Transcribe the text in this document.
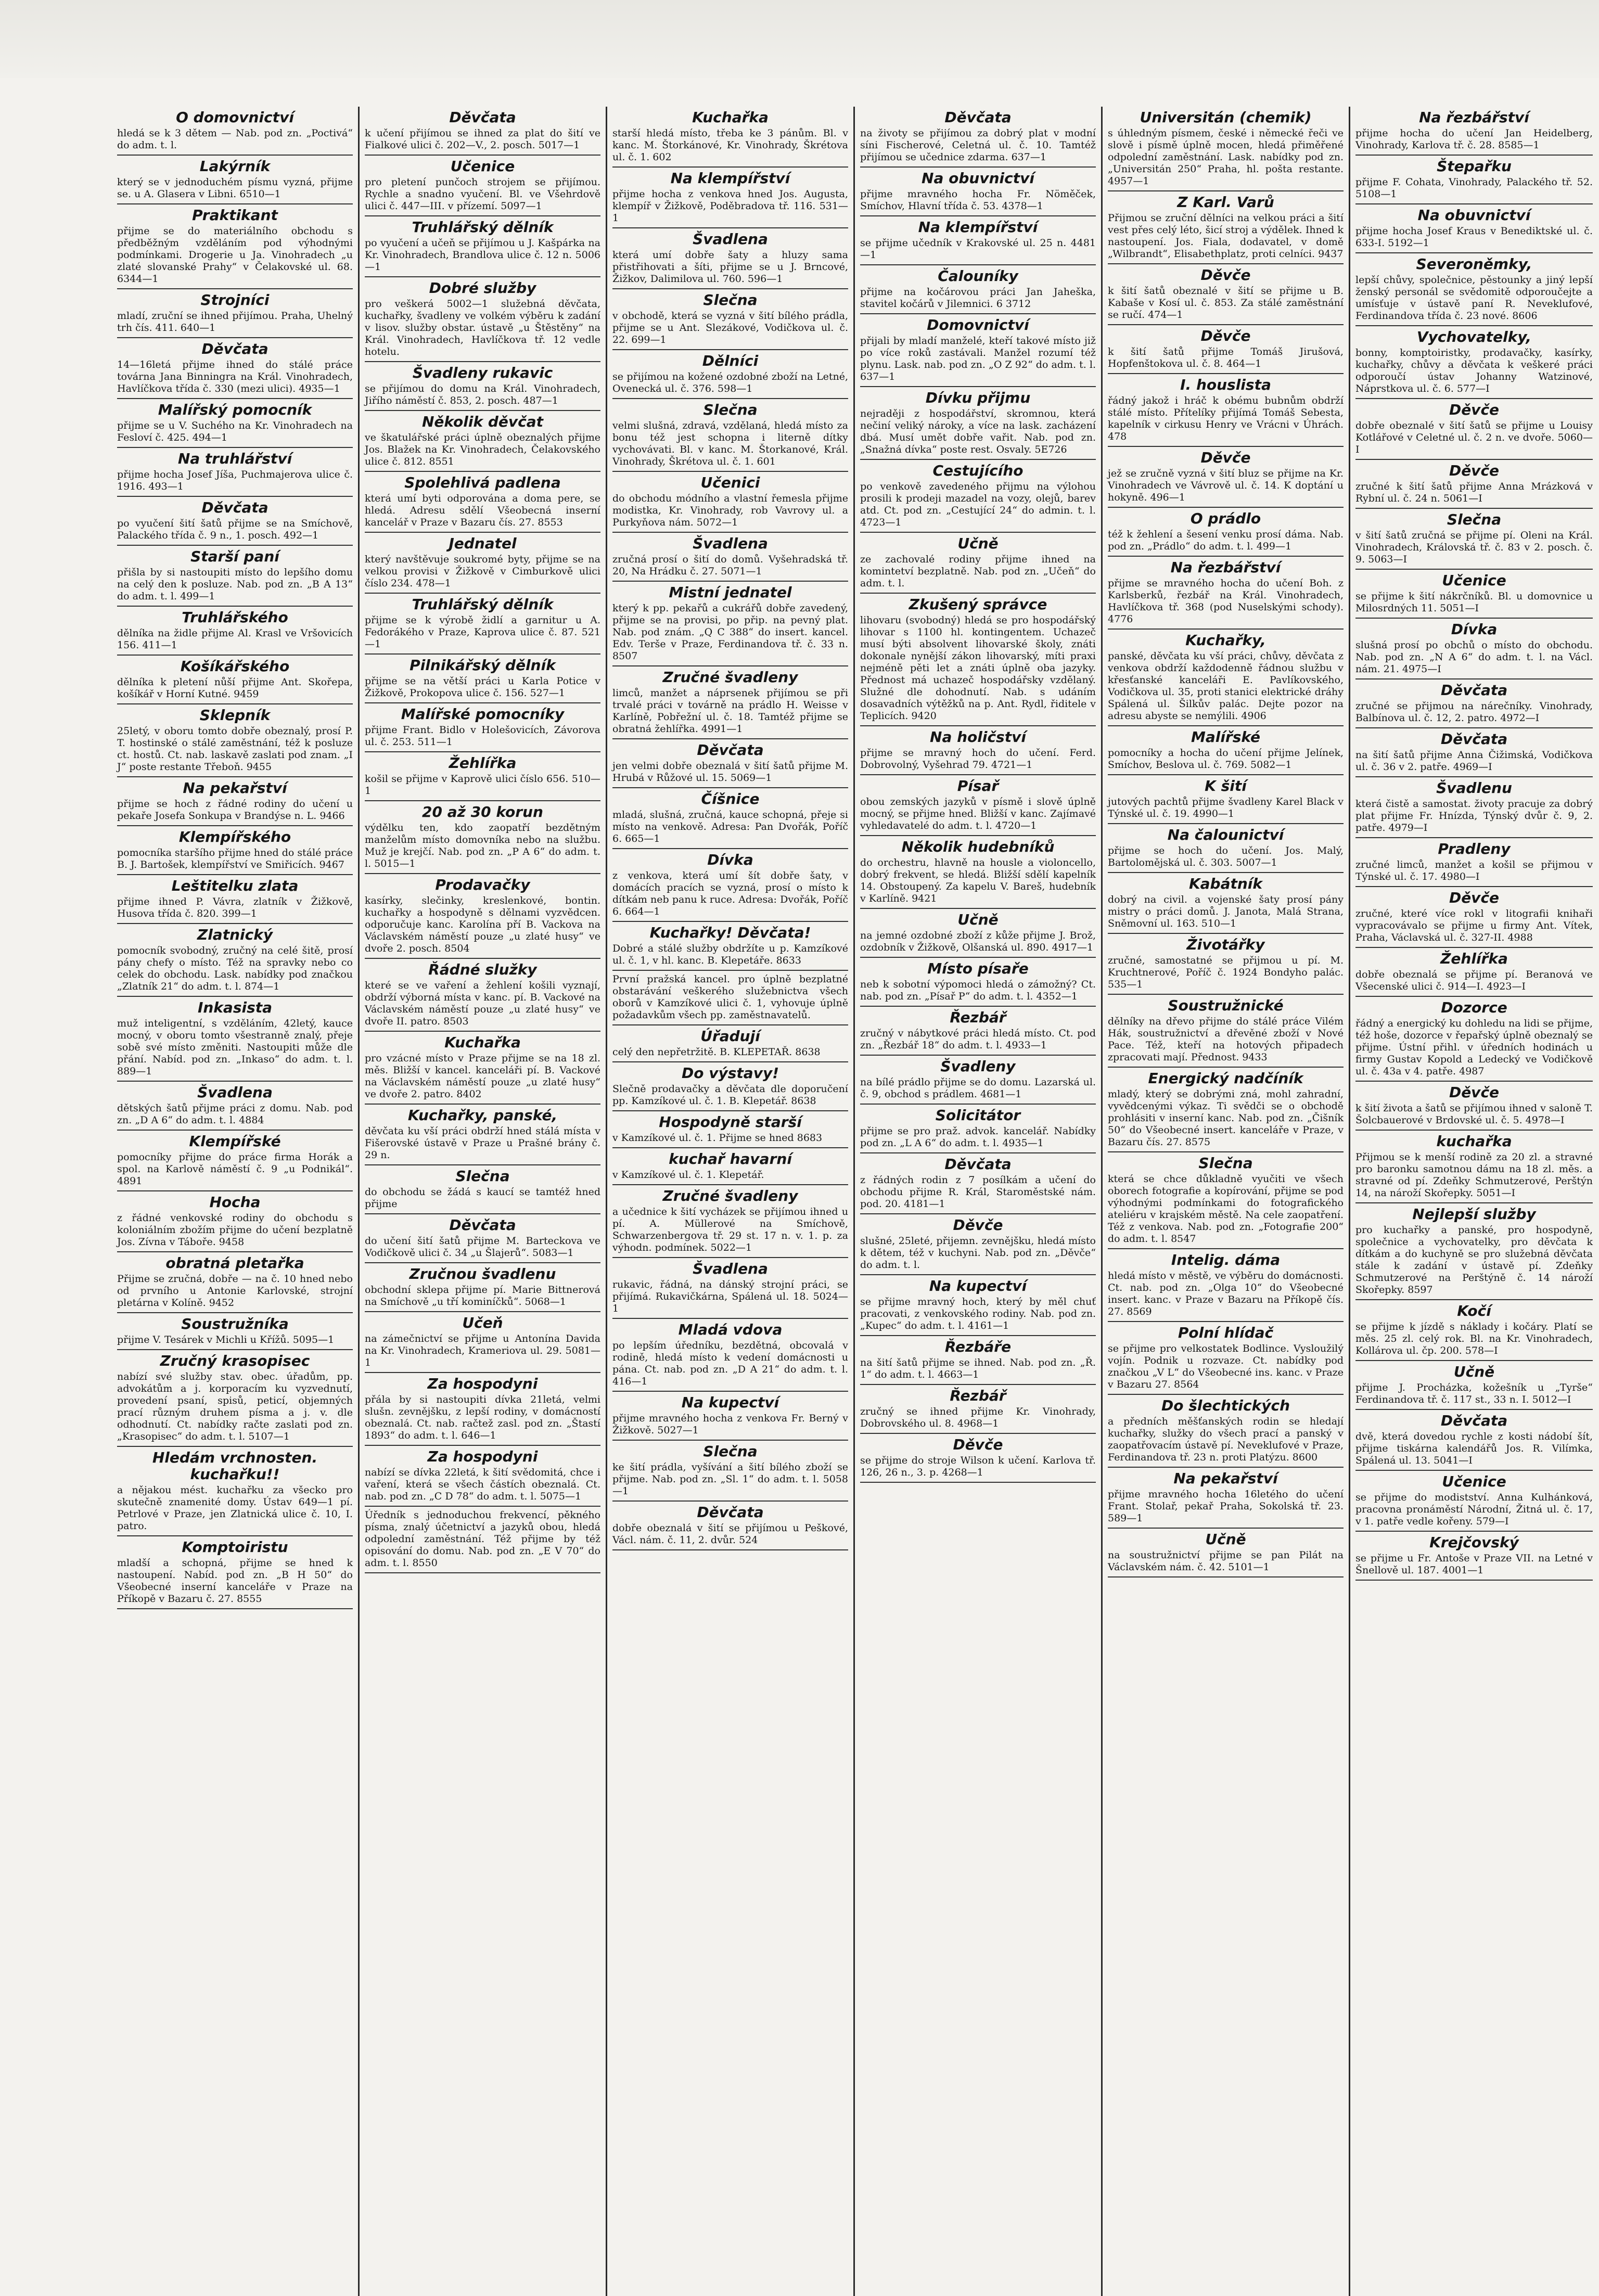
O domovnictví

hledá se k 3 dětem — Nab. pod zn. „Poctivá“ do adm. t. l.

Lakýrník

který se v jednoduchém písmu vyzná, přijme se. u A. Glasera v Libni. 6510—1

Praktikant

přijme se do materiálního obchodu s předběžným vzděláním pod výhodnými podmínkami. Drogerie u Ja. Vinohradech „u zlaté slovanské Prahy“ v Čelakovské ul. 68. 6344—1

Strojníci

mladí, zruční se ihned přijímou. Praha, Uhelný trh čís. 411. 640—1

Děvčata

14—16letá přijme ihned do stálé práce továrna Jana Binningra na Král. Vinohradech, Havlíčkova třída č. 330 (mezi ulici). 4935—1

Malířský pomocník

přijme se u V. Suchého na Kr. Vinohradech na Fesloví č. 425. 494—1

Na truhlářství

přijme hocha Josef Jíša, Puchmajerova ulice č. 1916. 493—1

Děvčata

po vyučení šití šatů přijme se na Smíchově, Palackého třída č. 9 n., 1. posch. 492—1

Starší paní

přišla by si nastoupiti místo do lepšího domu na celý den k posluze. Nab. pod zn. „B A 13“ do adm. t. l. 499—1

Truhlářského

dělníka na židle přijme Al. Krasl ve Vršovicích 156. 411—1

Košíkářského

dělníka k pletení nůší přijme Ant. Skořepa, košíkář v Horní Kutné. 9459

Sklepník

25letý, v oboru tomto dobře obeznalý, prosí P. T. hostinské o stálé zaměstnání, též k posluze ct. hostů. Ct. nab. laskavě zaslati pod znam. „I J“ poste restante Třeboň. 9455

Na pekařství

přijme se hoch z řádné rodiny do učení u pekaře Josefa Sonkupa v Brandýse n. L. 9466

Klempířského

pomocníka staršího přijme hned do stálé práce B. J. Bartošek, klempířství ve Smiřicích. 9467

Leštitelku zlata

přijme ihned P. Vávra, zlatník v Žižkově, Husova třída č. 820. 399—1

Zlatnický

pomocník svobodný, zručný na celé šitě, prosí pány chefy o místo. Též na spravky nebo co celek do obchodu. Lask. nabídky pod značkou „Zlatník 21“ do adm. t. l. 874—1

Inkasista

muž inteligentní, s vzděláním, 42letý, kauce mocný, v oboru tomto všestranně znalý, přeje sobě své místo změniti. Nastoupiti může dle přání. Nabíd. pod zn. „Inkaso“ do adm. t. l. 889—1

Švadlena

dětských šatů přijme práci z domu. Nab. pod zn. „D A 6“ do adm. t. l. 4884

Klempířské

pomocníky přijme do práce firma Horák a spol. na Karlově náměstí č. 9 „u Podnikál“. 4891

Hocha

z řádné venkovské rodiny do obchodu s koloniálním zbožím přijme do učení bezplatně Jos. Zívna v Táboře. 9458

obratná pletařka

Přijme se zručná, dobře — na č. 10 hned nebo od prvního u Antonie Karlovské, strojní pletárna v Kolíně. 9452

Soustružníka

přijme V. Tesárek v Michli u Křížů. 5095—1

Zručný krasopisec

nabízí své služby stav. obec. úřadům, pp. advokátům a j. korporacím ku vyzvednutí, provedení psaní, spisů, peticí, objemných prací různým druhem písma a j. v. dle odhodnutí. Ct. nabídky račte zaslati pod zn. „Krasopisec“ do adm. t. l. 5107—1

Hledám vrchnosten. kuchařku!!

a nějakou mést. kuchařku za všecko pro skutečně znamenité domy. Ústav 649—1 pí. Petrlové v Praze, jen Zlatnická ulice č. 10, I. patro.

Komptoiristu

mladší a schopná, přijme se hned k nastoupení. Nabíd. pod zn. „B H 50“ do Všeobecné inserní kanceláře v Praze na Příkopě v Bazaru č. 27. 8555

Děvčata

k učení přijímou se ihned za plat do šití ve Fialkové ulici č. 202—V., 2. posch. 5017—1

Učenice

pro pletení punčoch strojem se přijímou. Rychle a snadno vyučení. Bl. ve Všehrdově ulici č. 447—III. v přízemí. 5097—1

Truhlářský dělník

po vyučení a učeň se přijímou u J. Kašpárka na Kr. Vinohradech, Brandlova ulice č. 12 n. 5006—1

Dobré služby

pro veškerá 5002—1 služebná děvčata, kuchařky, švadleny ve volkém výběru k zadání v lisov. služby obstar. ústavě „u Štěstěny“ na Král. Vinohradech, Havlíčkova tř. 12 vedle hotelu.

Švadleny rukavic

se přijímou do domu na Král. Vinohradech, Jiřího náměstí č. 853, 2. posch. 487—1

Několik děvčat

ve škatulářské práci úplně obeznalých přijme Jos. Blažek na Kr. Vinohradech, Čelakovského ulice č. 812. 8551

Spolehlivá padlena

která umí byti odporována a doma pere, se hledá. Adresu sdělí Všeobecná inserní kancelář v Praze v Bazaru čís. 27. 8553

Jednatel

který navštěvuje soukromé byty, přijme se na velkou provisi v Žižkově v Cimburkově ulici číslo 234. 478—1

Truhlářský dělník

přijme se k výrobě židlí a garnitur u A. Fedorákého v Praze, Kaprova ulice č. 87. 521—1

Pilnikářský dělník

přijme se na větší práci u Karla Potice v Žižkově, Prokopova ulice č. 156. 527—1

Malířské pomocníky

přijme Frant. Bidlo v Holešovicích, Závorova ul. č. 253. 511—1

Žehlířka

košil se přijme v Kaprově ulici číslo 656. 510—1

20 až 30 korun

výdělku ten, kdo zaopatří bezdětným manželům místo domovníka nebo na službu. Muž je krejčí. Nab. pod zn. „P A 6“ do adm. t. l. 5015—1

Prodavačky

kasírky, slečinky, kreslenkové, bontin. kuchařky a hospodyně s dělnami vyzvědcen. odporučuje kanc. Karolína pří B. Vackova na Václavském náměstí pouze „u zlaté husy“ ve dvoře 2. posch. 8504

Řádné služky

které se ve vaření a žehlení košili vyznají, obdrží výborná místa v kanc. pí. B. Vackové na Václavském náměstí pouze „u zlaté husy“ ve dvoře II. patro. 8503

Kuchařka

pro vzácné místo v Praze přijme se na 18 zl. měs. Bližší v kancel. kanceláři pí. B. Vackové na Václavském náměstí pouze „u zlaté husy“ ve dvoře 2. patro. 8402

Kuchařky, panské,

děvčata ku vší práci obdrží hned stálá místa v Fišerovské ústavě v Praze u Prašné brány č. 29 n.

Slečna

do obchodu se žádá s kaucí se tamtéž hned přijme

Děvčata

do učení šití šatů přijme M. Barteckova ve Vodičkově ulici č. 34 „u Šlajerů“. 5083—1

Zručnou švadlenu

obchodní sklepa přijme pí. Marie Bittnerová na Smíchově „u tří kominíčků“. 5068—1

Učeň

na zámečnictví se přijme u Antonína Davida na Kr. Vinohradech, Krameriova ul. 29. 5081—1

Za hospodyni

přála by si nastoupiti dívka 21letá, velmi slušn. zevnějšku, z lepší rodiny, v domácností obeznalá. Ct. nab. račtež zasl. pod zn. „Štastí 1893“ do adm. t. l. 646—1

Za hospodyni

nabízí se dívka 22letá, k šití svědomitá, chce i vaření, která se všech částích obeznalá. Ct. nab. pod zn. „C D 78“ do adm. t. l. 5075—1

Úředník s jednoduchou frekvencí, pěkného písma, znalý účetnictví a jazyků obou, hledá odpolední zaměstnání. Též přijme by též opisování do domu. Nab. pod zn. „E V 70“ do adm. t. l. 8550

Kuchařka

starší hledá místo, třeba ke 3 pánům. Bl. v kanc. M. Štorkánové, Kr. Vinohrady, Škrétova ul. č. 1. 602

Na klempířství

přijme hocha z venkova hned Jos. Augusta, klempíř v Žižkově, Poděbradova tř. 116. 531—1

Švadlena

která umí dobře šaty a hluzy sama přistřihovati a šíti, přijme se u J. Brncové, Žižkov, Dalimilova ul. 760. 596—1

Slečna

v obchodě, která se vyzná v šití bílého prádla, přijme se u Ant. Slezákové, Vodičkova ul. č. 22. 699—1

Dělníci

se přijímou na kožené ozdobné zboží na Letné, Ovenecká ul. č. 376. 598—1

Slečna

velmi slušná, zdravá, vzdělaná, hledá místo za bonu též jest schopna i literně dítky vychovávati. Bl. v kanc. M. Štorkanové, Král. Vinohrady, Škrétova ul. č. 1. 601

Učenici

do obchodu módního a vlastní řemesla přijme modistka, Kr. Vinohrady, rob Vavrovy ul. a Purkyňova nám. 5072—1

Švadlena

zručná prosí o šití do domů. Vyšehradská tř. 20, Na Hrádku č. 27. 5071—1

Mistní jednatel

který k pp. pekařů a cukrářů dobře zavedený, přijme se na provisi, po přip. na pevný plat. Nab. pod znám. „Q C 388“ do insert. kancel. Edv. Terše v Praze, Ferdinandova tř. č. 33 n. 8507

Zručné švadleny

limců, manžet a náprsenek přijímou se při trvalé práci v továrně na prádlo H. Weisse v Karlíně, Pobřežní ul. č. 18. Tamtéž přijme se obratná žehlířka. 4991—1

Děvčata

jen velmi dobře obeznalá v šití šatů přijme M. Hrubá v Růžové ul. 15. 5069—1

Číšnice

mladá, slušná, zručná, kauce schopná, přeje si místo na venkově. Adresa: Pan Dvořák, Poříč 6. 665—1

Dívka

z venkova, která umí šít dobře šaty, v domácích pracích se vyzná, prosí o místo k dítkám neb panu k ruce. Adresa: Dvořák, Poříč 6. 664—1

Kuchařky! Děvčata!

Dobré a stálé služby obdržíte u p. Kamzíkové ul. č. 1, v hl. kanc. B. Klepetáře. 8633

První pražská kancel. pro úplně bezplatné obstarávání veškerého služebnictva všech oborů v Kamzíkové ulici č. 1, vyhovuje úplně požadavkům všech pp. zaměstnavatelů.

Úřadují

celý den nepřetržitě. B. KLEPETAŘ. 8638

Do výstavy!

Slečně prodavačky a děvčata dle doporučení pp. Kamzíkové ul. č. 1. B. Klepetář. 8638

Hospodyně starší

v Kamzíkové ul. č. 1. Přijme se hned 8683

kuchař havarní

v Kamzíkové ul. č. 1. Klepetář.

Zručné švadleny

a učednice k šití vycházek se přijímou ihned u pí. A. Müllerové na Smíchově, Schwarzenbergova tř. 29 st. 17 n. v. 1. p. za výhodn. podmínek. 5022—1

Švadlena

rukavic, řádná, na dánský strojní práci, se přijímá. Rukavičkárna, Spálená ul. 18. 5024—1

Mladá vdova

po lepším úředníku, bezdětná, obcovalá v rodině, hledá místo k vedení domácnosti u pána. Ct. nab. pod zn. „D A 21“ do adm. t. l. 416—1

Na kupectví

přijme mravného hocha z venkova Fr. Berný v Žižkově. 5027—1

Slečna

ke šití prádla, vyšívání a šití bílého zboží se přijme. Nab. pod zn. „Sl. 1“ do adm. t. l. 5058—1

Děvčata

dobře obeznalá v šití se přijímou u Peškové, Václ. nám. č. 11, 2. dvůr. 524

Děvčata

na životy se přijímou za dobrý plat v modní síni Fischerové, Celetná ul. č. 10. Tamtéž přijímou se učednice zdarma. 637—1

Na obuvnictví

přijme mravného hocha Fr. Nöměček, Smíchov, Hlavní třída č. 53. 4378—1

Na klempířství

se přijme učedník v Krakovské ul. 25 n. 4481—1

Čalouníky

přijme na kočárovou práci Jan Jaheška, stavitel kočárů v Jilemnici. 6 3712

Domovnictví

přijali by mladí manželé, kteří takové místo již po více roků zastávali. Manžel rozumí též plynu. Lask. nab. pod zn. „O Z 92“ do adm. t. l. 637—1

Dívku přijmu

nejraději z hospodářství, skromnou, která nečiní veliký nároky, a více na lask. zacházení dbá. Musí umět dobře vařit. Nab. pod zn. „Snažná dívka“ poste rest. Osvaly. 5E726

Cestujícího

po venkově zavedeného přijmu na výlohou prosili k prodeji mazadel na vozy, olejů, barev atd. Ct. pod zn. „Cestující 24“ do admin. t. l. 4723—1

Učně

ze zachovalé rodiny přijme ihned na komintetví bezplatně. Nab. pod zn. „Učeň“ do adm. t. l.

Zkušený správce

lihovaru (svobodný) hledá se pro hospodářský lihovar s 1100 hl. kontingentem. Uchazeč musí býti absolvent lihovarské školy, znáti dokonale nynější zákon lihovarský, míti praxi nejméně pěti let a znáti úplně oba jazyky. Přednost má uchazeč hospodářsky vzdělaný. Služné dle dohodnutí. Nab. s udáním dosavadních výtěžků na p. Ant. Rydl, řiditele v Teplicích. 9420

Na holičství

přijme se mravný hoch do učení. Ferd. Dobrovolný, Vyšehrad 79. 4721—1

Písař

obou zemských jazyků v písmě i slově úplně mocný, se přijme hned. Bližší v kanc. Zajímavé vyhledavatelé do adm. t. l. 4720—1

Několik hudebníků

do orchestru, hlavně na housle a violoncello, dobrý frekvent, se hledá. Bližší sdělí kapelník 14. Obstoupený. Za kapelu V. Bareš, hudebník v Karlíně. 9421

Učně

na jemné ozdobné zboží z kůže přijme J. Brož, ozdobník v Žižkově, Olšanská ul. 890. 4917—1

Místo písaře

neb k sobotní výpomoci hledá o zámožný? Ct. nab. pod zn. „Písař P“ do adm. t. l. 4352—1

Řezbář

zručný v nábytkové práci hledá místo. Ct. pod zn. „Řezbář 18“ do adm. t. l. 4933—1

Švadleny

na bílé prádlo přijme se do domu. Lazarská ul. č. 9, obchod s prádlem. 4681—1

Solicitátor

přijme se pro praž. advok. kancelář. Nabídky pod zn. „L A 6“ do adm. t. l. 4935—1

Děvčata

z řádných rodin z 7 posílkám a učení do obchodu přijme R. Král, Staroměstské nám. pod. 20. 4181—1

Děvče

slušné, 25leté, přijemn. zevnějšku, hledá místo k dětem, též v kuchyni. Nab. pod zn. „Děvče“ do adm. t. l.

Na kupectví

se přijme mravný hoch, který by měl chuť pracovati, z venkovského rodiny. Nab. pod zn. „Kupec“ do adm. t. l. 4161—1

Řezbáře

na šití šatů přijme se ihned. Nab. pod zn. „Ř. 1“ do adm. t. l. 4663—1

Řezbář

zručný se ihned přijme Kr. Vinohrady, Dobrovského ul. 8. 4968—1

Děvče

se přijme do stroje Wilson k učení. Karlova tř. 126, 26 n., 3. p. 4268—1

Universitán (chemik)

s úhledným písmem, české i německé řeči ve slově i písmě úplně mocen, hledá přiměřené odpolední zaměstnání. Lask. nabídky pod zn. „Universitán 250“ Praha, hl. pošta restante. 4957—1

Z Karl. Varů

Přijmou se zruční dělníci na velkou práci a šití vest přes celý léto, šicí stroj a výdělek. Ihned k nastoupení. Jos. Fiala, dodavatel, v domě „Wilbrandt“, Elisabethplatz, proti celníci. 9437

Děvče

k šití šatů obeznalé v šití se přijme u B. Kabaše v Kosí ul. č. 853. Za stálé zaměstnání se ručí. 474—1

Děvče

k šití šatů přijme Tomáš Jirušová, Hopfenštokova ul. č. 8. 464—1

I. houslista

řádný jakož i hráč k obému bubnům obdrží stálé místo. Přítelíky přijímá Tomáš Sebesta, kapelník v cirkusu Henry ve Vrácni v Úhrách. 478

Děvče

jež se zručně vyzná v šití bluz se přijme na Kr. Vinohradech ve Vávrově ul. č. 14. K doptání u hokyně. 496—1

O prádlo

též k žehlení a šesení venku prosí dáma. Nab. pod zn. „Prádlo“ do adm. t. l. 499—1

Na řezbářství

přijme se mravného hocha do učení Boh. z Karlsberků, řezbář na Král. Vinohradech, Havlíčkova tř. 368 (pod Nuselskými schody). 4776

Kuchařky,

panské, děvčata ku vší práci, chůvy, děvčata z venkova obdrží každodenně řádnou službu v křesťanské kanceláři E. Pavlíkovského, Vodičkova ul. 35, proti stanici elektrické dráhy Spálená ul. Šilkův palác. Dejte pozor na adresu abyste se nemýlili. 4906

Malířské

pomocníky a hocha do učení přijme Jelínek, Smíchov, Beslova ul. č. 769. 5082—1

K šití

jutových pachtů přijme švadleny Karel Black v Týnské ul. č. 19. 4990—1

Na čalounictví

přijme se hoch do učení. Jos. Malý, Bartolomějská ul. č. 303. 5007—1

Kabátník

dobrý na civil. a vojenské šaty prosí pány mistry o práci domů. J. Janota, Malá Strana, Sněmovní ul. 163. 510—1

Životářky

zručné, samostatné se přijmou u pí. M. Kruchtnerové, Poříč č. 1924 Bondyho palác. 535—1

Soustružnické

dělníky na dřevo přijme do stálé práce Vilém Hák, soustružnictví a dřevěné zboží v Nové Pace. Též, kteří na hotových připadech zpracovati mají. Přednost. 9433

Energický nadčíník

mladý, který se dobrými zná, mohl zahradní, vyvědcenými výkaz. Ti svědči se o obchodě prohlásiti v inserní kanc. Nab. pod zn. „Čišník 50“ do Všeobecné insert. kanceláře v Praze, v Bazaru čís. 27. 8575

Slečna

která se chce důkladně vyučiti ve všech oborech fotografie a kopírování, přijme se pod výhodnými podmínkami do fotografického ateliéru v krajském městě. Na cele zaopatření. Též z venkova. Nab. pod zn. „Fotografie 200“ do adm. t. l. 8547

Intelig. dáma

hledá místo v městě, ve výběru do domácnosti. Ct. nab. pod zn. „Olga 10“ do Všeobecné insert. kanc. v Praze v Bazaru na Příkopě čís. 27. 8569

Polní hlídač

se přijme pro velkostatek Bodlince. Vysloužilý vojín. Podnik u rozvaze. Ct. nabídky pod značkou „V L“ do Všeobecné ins. kanc. v Praze v Bazaru 27. 8564

Do šlechtických

a předních měšťanských rodin se hledají kuchařky, služky do všech prací a panský v zaopatřovacím ústavě pí. Neveklufové v Praze, Ferdinandova tř. 23 n. proti Platýzu. 8600

Na pekařství

přijme mravného hocha 16letého do učení Frant. Stolař, pekař Praha, Sokolská tř. 23. 589—1

Učně

na soustružnictví přijme se pan Pilát na Václavském nám. č. 42. 5101—1

Na řezbářství

přijme hocha do učení Jan Heidelberg, Vinohrady, Karlova tř. č. 28. 8585—1

Štepařku

přijme F. Cohata, Vinohrady, Palackého tř. 52. 5108—1

Na obuvnictví

přijme hocha Josef Kraus v Benediktské ul. č. 633-I. 5192—1

Severoněmky,

lepší chůvy, společnice, pěstounky a jiný lepší ženský personál se svědomitě odporoučejte a umísťuje v ústavě paní R. Neveklufové, Ferdinandova třída č. 23 nové. 8606

Vychovatelky,

bonny, komptoiristky, prodavačky, kasírky, kuchařky, chůvy a děvčata k veškeré práci odporoučí ústav Johanny Watzinové, Náprstkova ul. č. 6. 577—I

Děvče

dobře obeznalé v šití šatů se přijme u Louisy Kotlářové v Celetné ul. č. 2 n. ve dvoře. 5060—I

Děvče

zručné k šití šatů přijme Anna Mrázková v Rybní ul. č. 24 n. 5061—I

Slečna

v šití šatů zručná se přijme pí. Oleni na Král. Vinohradech, Královská tř. č. 83 v 2. posch. č. 9. 5063—I

Učenice

se přijme k šití nákrčníků. Bl. u domovnice u Milosrdných 11. 5051—I

Dívka

slušná prosí po obchů o místo do obchodu. Nab. pod zn. „N A 6“ do adm. t. l. na Václ. nám. 21. 4975—I

Děvčata

zručné se přijmou na nárečníky. Vinohrady, Balbínova ul. č. 12, 2. patro. 4972—I

Děvčata

na šití šatů přijme Anna Čižimská, Vodičkova ul. č. 36 v 2. patře. 4969—I

Švadlenu

která čistě a samostat. životy pracuje za dobrý plat přijme Fr. Hnízda, Týnský dvůr č. 9, 2. patře. 4979—I

Pradleny

zručné limců, manžet a košil se přijmou v Týnské ul. č. 17. 4980—I

Děvče

zručné, které více rokl v litografii knihaři vypracovávalo se přijme u firmy Ant. Vítek, Praha, Václavská ul. č. 327-II. 4988

Žehlířka

dobře obeznalá se přijme pí. Beranová ve Všecenské ulici č. 914—I. 4923—I

Dozorce

řádný a energický ku dohledu na lidi se přijme, též hoše, dozorce v řepařský úplně obeznalý se přijme. Ústní přihl. v úředních hodinách u firmy Gustav Kopold a Ledecký ve Vodičkově ul. č. 43a v 4. patře. 4987

Děvče

k šití života a šatů se přijímou ihned v saloně T. Šolcbauerové v Brdovské ul. č. 5. 4978—I

kuchařka

Přijmou se k menší rodině za 20 zl. a stravné pro baronku samotnou dámu na 18 zl. měs. a stravné od pí. Zdeňky Schmutzerové, Perštýn 14, na nároží Skořepky. 5051—I

Nejlepší služby

pro kuchařky a panské, pro hospodyně, společnice a vychovatelky, pro děvčata k dítkám a do kuchyně se pro služebná děvčata stále k zadání v ústavě pí. Zdeňky Schmutzerové na Perštýně č. 14 nároží Skořepky. 8597

Kočí

se přijme k jízdě s náklady i kočáry. Platí se měs. 25 zl. celý rok. Bl. na Kr. Vinohradech, Kollárova ul. čp. 200. 578—I

Učně

přijme J. Procházka, kožešník u „Tyrše“ Ferdinandova tř. č. 117 st., 33 n. I. 5012—I

Děvčata

dvě, která dovedou rychle z kosti nádobí šít, přijme tiskárna kalendářů Jos. R. Vilímka, Spálená ul. 13. 5041—I

Učenice

se přijme do modistství. Anna Kulhánková, pracovna pronáměstí Národní, Žitná ul. č. 17, v 1. patře vedle kořeny. 579—I

Krejčovský

se přijme u Fr. Antoše v Praze VII. na Letné v Šnellově ul. 187. 4001—1
